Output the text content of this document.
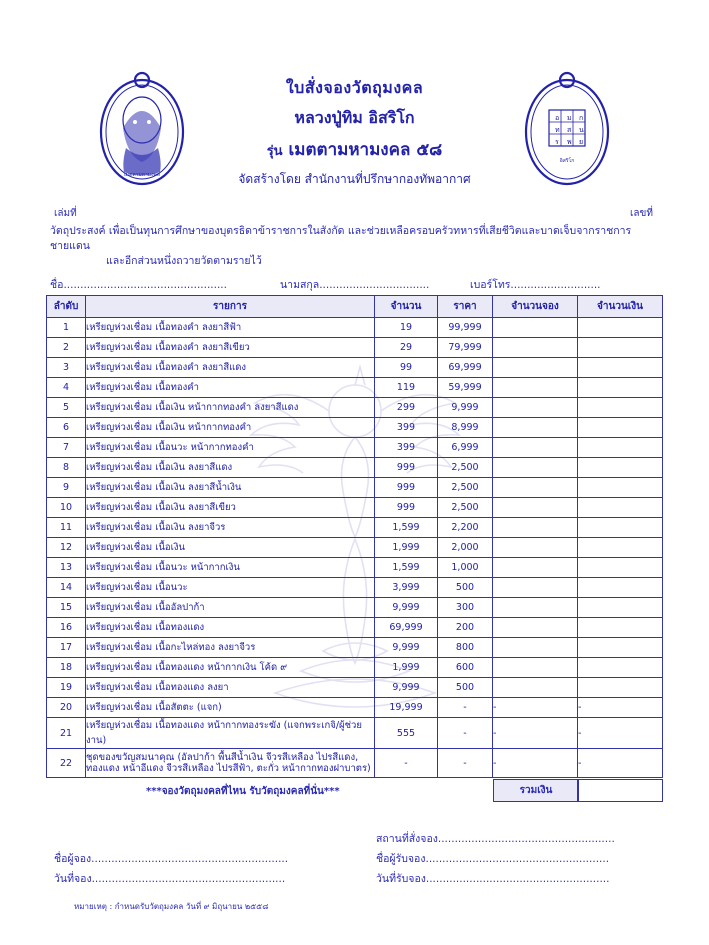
เมตตามหามงคล
อ ม ก
ท ส น
ร พ ย
อิสริโก
ใบสั่งจองวัตถุมงคล
หลวงปู่ทิม อิสริโก
รุ่น เมตตามหามงคล ๕๘
จัดสร้างโดย สำนักงานที่ปรึกษากองทัพอากาศ
เล่มที่	เลขที่
วัตถุประสงค์ เพื่อเป็นทุนการศึกษาของบุตรธิดาข้าราชการในสังกัด และช่วยเหลือครอบครัวทหารที่เสียชีวิตและบาดเจ็บจากราชการชายแดน
และอีกส่วนหนึ่งถวายวัดตามรายไว้
ชื่อ.................................................	นามสกุล.................................	เบอร์โทร...........................
ลำดับ	รายการ	จำนวน	ราคา	จำนวนจอง	จำนวนเงิน
1	เหรียญห่วงเชื่อม เนื้อทองคำ ลงยาสีฟ้า	19	99,999		
2	เหรียญห่วงเชื่อม เนื้อทองคำ ลงยาสีเขียว	29	79,999		
3	เหรียญห่วงเชื่อม เนื้อทองคำ ลงยาสีแดง	99	69,999		
4	เหรียญห่วงเชื่อม เนื้อทองคำ	119	59,999		
5	เหรียญห่วงเชื่อม เนื้อเงิน หน้ากากทองคำ ลงยาสีแดง	299	9,999		
6	เหรียญห่วงเชื่อม เนื้อเงิน หน้ากากทองคำ	399	8,999		
7	เหรียญห่วงเชื่อม เนื้อนวะ หน้ากากทองคำ	399	6,999		
8	เหรียญห่วงเชื่อม เนื้อเงิน ลงยาสีแดง	999	2,500		
9	เหรียญห่วงเชื่อม เนื้อเงิน ลงยาสีน้ำเงิน	999	2,500		
10	เหรียญห่วงเชื่อม เนื้อเงิน ลงยาสีเขียว	999	2,500		
11	เหรียญห่วงเชื่อม เนื้อเงิน ลงยาจีวร	1,599	2,200		
12	เหรียญห่วงเชื่อม เนื้อเงิน	1,999	2,000		
13	เหรียญห่วงเชื่อม เนื้อนวะ หน้ากากเงิน	1,599	1,000		
14	เหรียญห่วงเชื่อม เนื้อนวะ	3,999	500		
15	เหรียญห่วงเชื่อม เนื้ออัลปาก้า	9,999	300		
16	เหรียญห่วงเชื่อม เนื้อทองแดง	69,999	200		
17	เหรียญห่วงเชื่อม เนื้อกะไหล่ทอง ลงยาจีวร	9,999	800		
18	เหรียญห่วงเชื่อม เนื้อทองแดง หน้ากากเงิน โค้ด ๙	1,999	600		
19	เหรียญห่วงเชื่อม เนื้อทองแดง ลงยา	9,999	500		
20	เหรียญห่วงเชื่อม เนื้อสัตตะ (แจก)	19,999	-	-	-
21	เหรียญห่วงเชื่อม เนื้อทองแดง หน้ากากทองระฆัง (แจกพระเกจิ/ผู้ช่วยงาน)	555	-	-	-
22	ชุดของขวัญสมนาคุณ (อัลปาก้า พื้นสีน้ำเงิน จีวรสีเหลือง ไปรสีแดง,
ทองแดง หน้าอีแดง จีวรสีเหลือง ไปรสีฟ้า, ตะกั่ว หน้ากากทองฝาบาตร)	-	-	-	-
***จองวัตถุมงคลที่ไหน รับวัตถุมงคลที่นั่น***	รวมเงิน
สถานที่สั่งจอง.....................................................
ชื่อผู้จอง...........................................................	ชื่อผู้รับจอง.......................................................
วันที่จอง..........................................................	วันที่รับจอง.......................................................
หมายเหตุ : กำหนดรับวัตถุมงคล วันที่ ๙ มิถุนายน ๒๕๕๘
